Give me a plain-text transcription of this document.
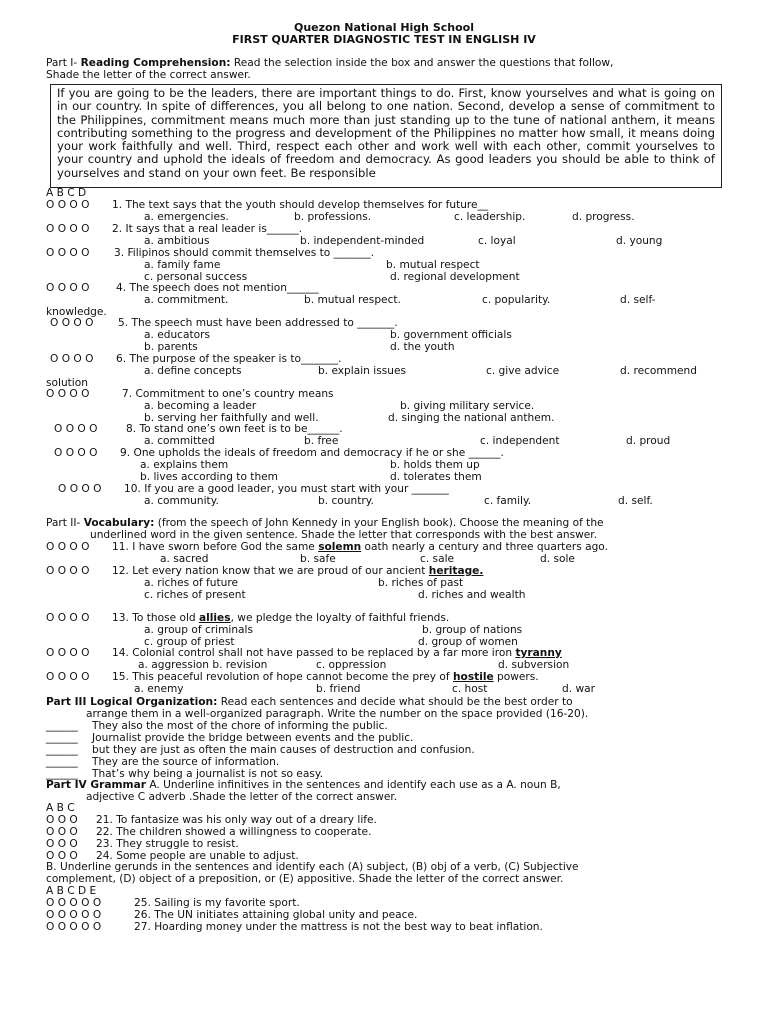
Quezon National High School
FIRST QUARTER DIAGNOSTIC TEST IN ENGLISH IV
Part I- Reading Comprehension: Read the selection inside the box and answer the questions that follow,
Shade the letter of the correct answer.
If you are going to be the leaders, there are important things to do. First, know yourselves and what is going on in our country. In spite of differences, you all belong to one nation. Second, develop a sense of commitment to the Philippines, commitment means much more than just standing up to the tune of national anthem, it means contributing something to the progress and development of the Philippines no matter how small, it means doing your work faithfully and well. Third, respect each other and work well with each other, commit yourselves to your country and uphold the ideals of freedom and democracy. As good leaders you should be able to think of yourselves and stand on your own feet. Be responsible
A B C D
O O O O 1. The text says that the youth should develop themselves for future__
a. emergencies.	b. professions.	c. leadership.	d. progress.
O O O O 2. It says that a real leader is______.
a. ambitious	b. independent-minded	c. loyal	d. young
O O O O 3. Filipinos should commit themselves to _______.
a. family fame	b. mutual respect
c. personal success	d. regional development
O O O O	4. The speech does not mention______
a. commitment.	b. mutual respect.	c. popularity.	d. self-
knowledge.
O O O O 5. The speech must have been addressed to _______.
a. educators	b. government officials
b. parents	d. the youth
O O O O 6. The purpose of the speaker is to_______.
a. define concepts	b. explain issues	c. give advice	d. recommend
solution
O O O O	7. Commitment to one’s country means
a. becoming a leader	b. giving military service.
b. serving her faithfully and well.	d. singing the national anthem.
O O O O	8. To stand one’s own feet is to be______.
a. committed	b. free	c. independent	d. proud
O O O O 9. One upholds the ideals of freedom and democracy if he or she ______.
a. explains them	b. holds them up
b. lives according to them	d. tolerates them
O O O O 10. If you are a good leader, you must start with your _______
a. community.	b. country.	c. family.	d. self.
Part II- Vocabulary: (from the speech of John Kennedy in your English book). Choose the meaning of the
underlined word in the given sentence. Shade the letter that corresponds with the best answer.
O O O O 11. I have sworn before God the same solemn oath nearly a century and three quarters ago.
a. sacred	b. safe	c. sale	d. sole
O O O O 12. Let every nation know that we are proud of our ancient heritage.
a. riches of future	b. riches of past
c. riches of present	d. riches and wealth
O O O O 13. To those old allies, we pledge the loyalty of faithful friends.
a. group of criminals	b. group of nations
c. group of priest	d. group of women
O O O O 14. Colonial control shall not have passed to be replaced by a far more iron tyranny
a. aggression b. revision	c. oppression	d. subversion
O O O O 15. This peaceful revolution of hope cannot become the prey of hostile powers.
a. enemy	b. friend	c. host	d. war
Part III Logical Organization: Read each sentences and decide what should be the best order to
arrange them in a well-organized paragraph. Write the number on the space provided (16-20).
______ They also the most of the chore of informing the public.
______ Journalist provide the bridge between events and the public.
______ but they are just as often the main causes of destruction and confusion.
______ They are the source of information.
______ That’s why being a journalist is not so easy.
Part IV Grammar A. Underline infinitives in the sentences and identify each use as a A. noun B,
adjective C adverb .Shade the letter of the correct answer.
A B C
O O O 21. To fantasize was his only way out of a dreary life.
O O O 22. The children showed a willingness to cooperate.
O O O 23. They struggle to resist.
O O O 24. Some people are unable to adjust.
B. Underline gerunds in the sentences and identify each (A) subject, (B) obj of a verb, (C) Subjective
complement, (D) object of a preposition, or (E) appositive. Shade the letter of the correct answer.
A B C D E
O O O O O	25. Sailing is my favorite sport.
O O O O O	26. The UN initiates attaining global unity and peace.
O O O O O	27. Hoarding money under the mattress is not the best way to beat inflation.
